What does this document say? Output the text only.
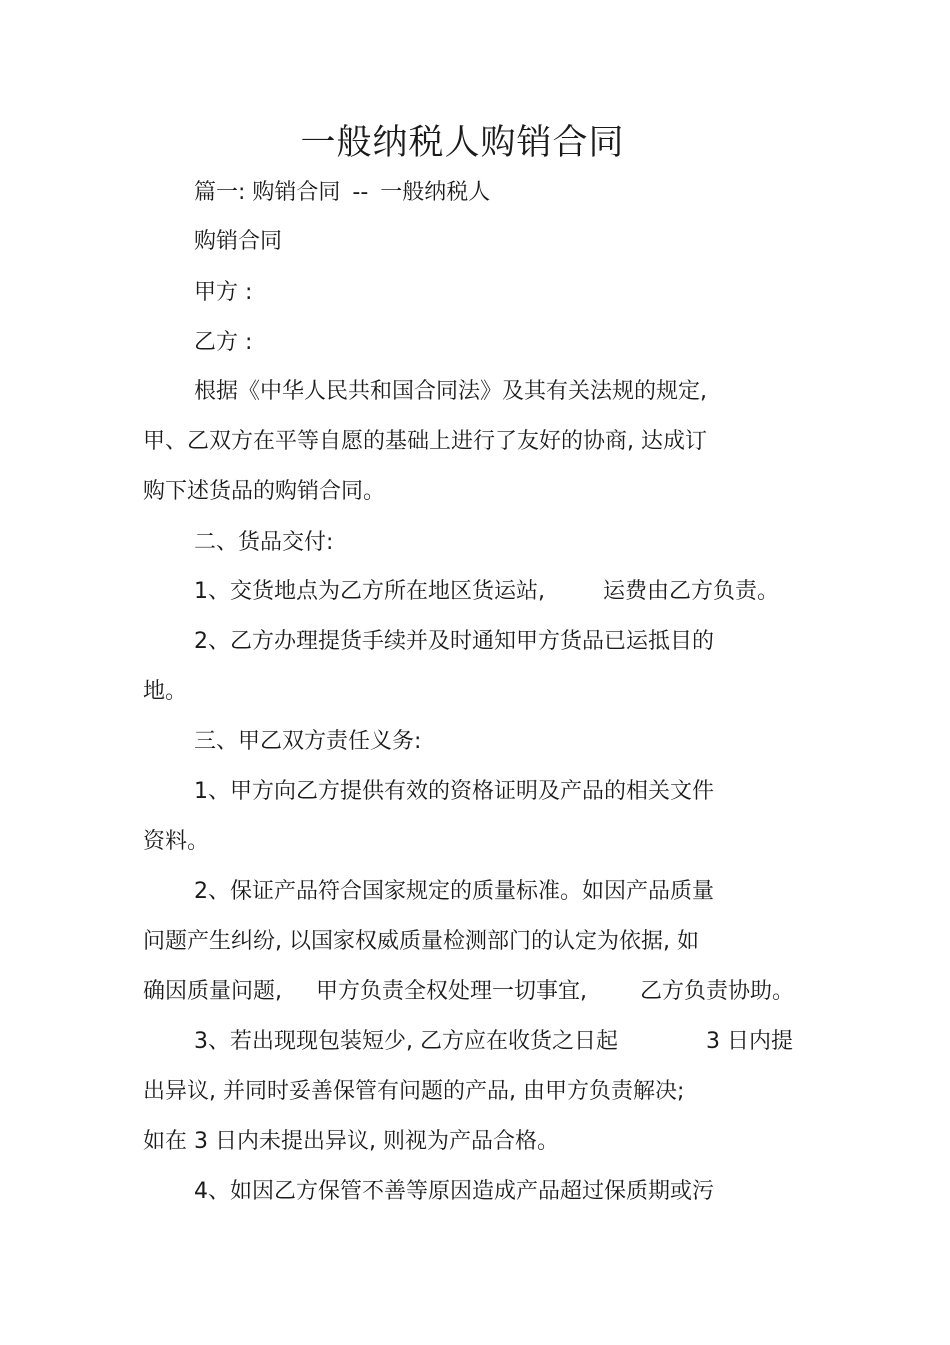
一般纳税人购销合同
篇一: 购销合同 -- 一般纳税人
购销合同
甲方 :
乙方 :
根据《中华人民共和国合同法》及其有关法规的规定,
甲、乙双方在平等自愿的基础上进行了友好的协商, 达成订
购下述货品的购销合同。
二、货品交付:
1、交货地点为乙方所在地区货运站,	运费由乙方负责。
2、乙方办理提货手续并及时通知甲方货品已运抵目的
地。
三、甲乙双方责任义务:
1、甲方向乙方提供有效的资格证明及产品的相关文件
资料。
2、保证产品符合国家规定的质量标准。如因产品质量
问题产生纠纷, 以国家权威质量检测部门的认定为依据, 如
确因质量问题, 甲方负责全权处理一切事宜, 乙方负责协助。
3、若出现现包装短少, 乙方应在收货之日起	3 日内提
出异议, 并同时妥善保管有问题的产品, 由甲方负责解决;
如在 3 日内未提出异议, 则视为产品合格。
4、如因乙方保管不善等原因造成产品超过保质期或污
